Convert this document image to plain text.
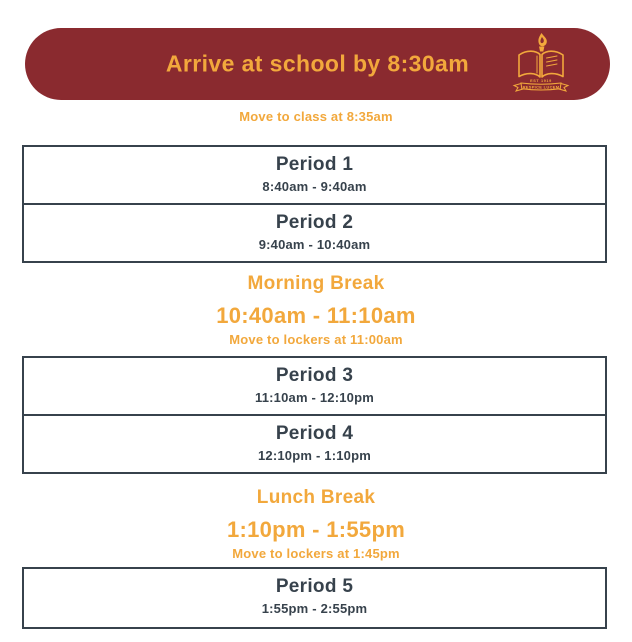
Arrive at school by 8:30am
EST 1919
RESPICE LUCEM
Move to class at 8:35am
Period 1
8:40am - 9:40am
Period 2
9:40am - 10:40am
Morning Break
10:40am - 11:10am
Move to lockers at 11:00am
Period 3
11:10am - 12:10pm
Period 4
12:10pm - 1:10pm
Lunch Break
1:10pm - 1:55pm
Move to lockers at 1:45pm
Period 5
1:55pm - 2:55pm
